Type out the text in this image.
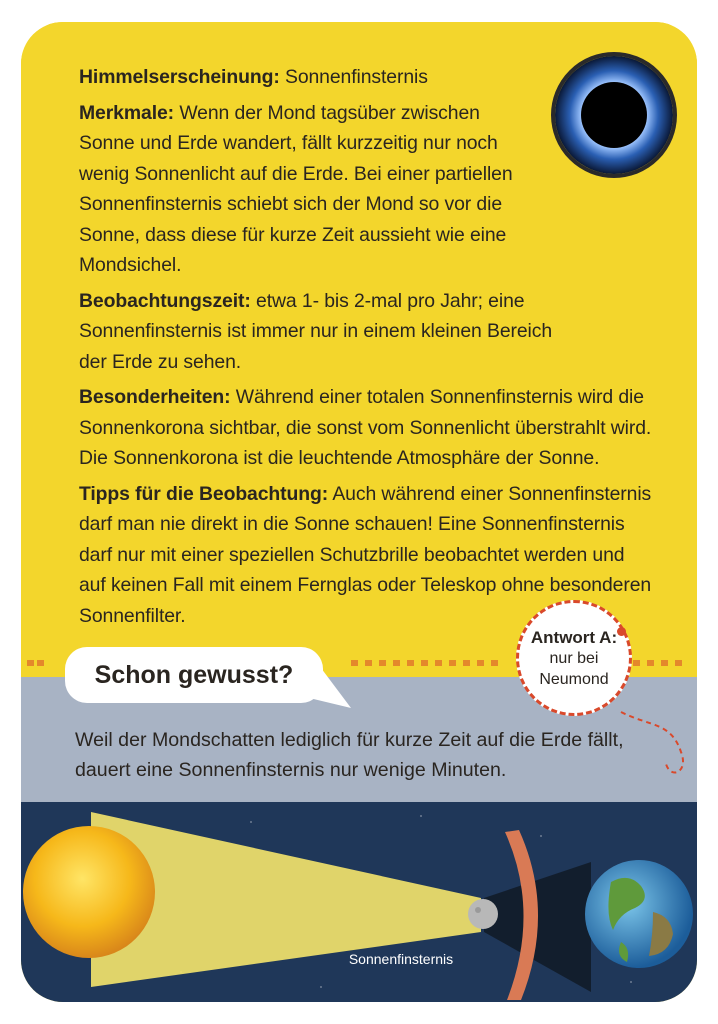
Himmelserscheinung: Sonnenfinsternis

Merkmale: Wenn der Mond tagsüber zwischen Sonne und Erde wandert, fällt kurzzeitig nur noch wenig Sonnenlicht auf die Erde. Bei einer partiellen Sonnenfinsternis schiebt sich der Mond so vor die Sonne, dass diese für kurze Zeit aussieht wie eine Mondsichel.

Beobachtungszeit: etwa 1- bis 2-mal pro Jahr; eine Sonnenfinsternis ist immer nur in einem kleinen Bereich der Erde zu sehen.

Besonderheiten: Während einer totalen Sonnenfinsternis wird die Sonnenkorona sichtbar, die sonst vom Sonnenlicht überstrahlt wird. Die Sonnenkorona ist die leuchtende Atmosphäre der Sonne.

Tipps für die Beobachtung: Auch während einer Sonnenfinsternis darf man nie direkt in die Sonne schauen! Eine Sonnenfinsternis darf nur mit einer speziellen Schutzbrille beobachtet werden und auf keinen Fall mit einem Fernglas oder Teleskop ohne besonderen Sonnenfilter.

Schon gewusst?
Antwort A:
nur bei
Neumond
Weil der Mondschatten lediglich für kurze Zeit auf die Erde fällt, dauert eine Sonnenfinsternis nur wenige Minuten.
Sonnenfinsternis
